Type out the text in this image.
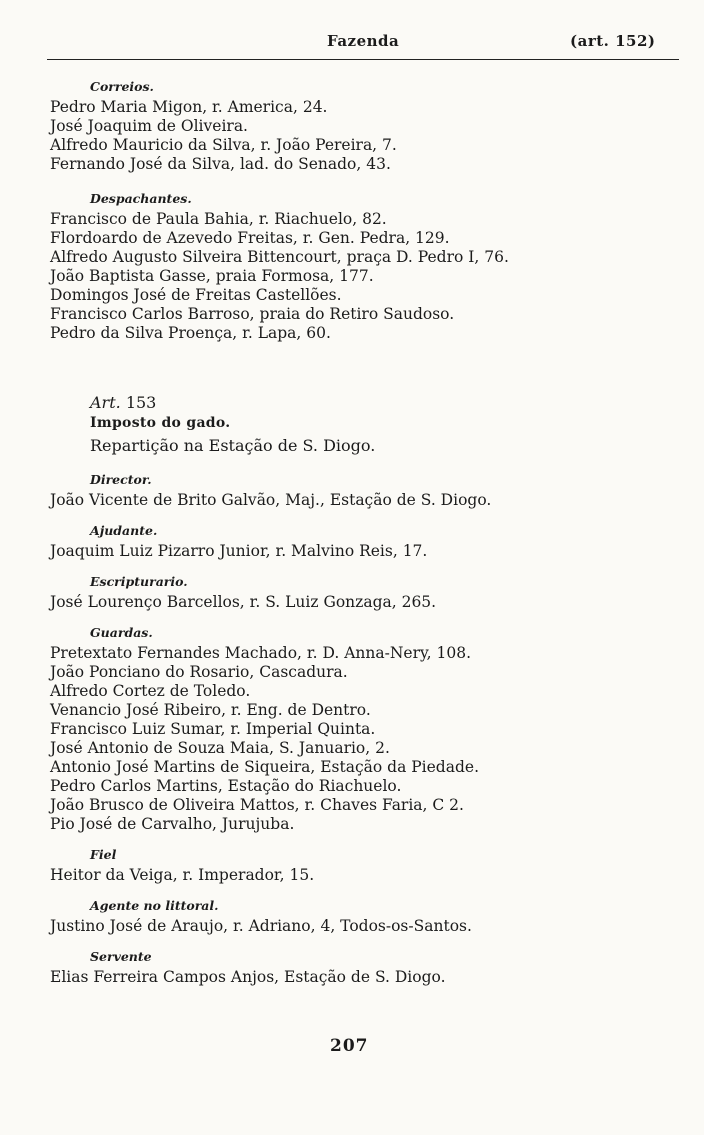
Fazenda	(art. 152)
Correios.
Pedro Maria Migon, r. America, 24.
José Joaquim de Oliveira.
Alfredo Mauricio da Silva, r. João Pereira, 7.
Fernando José da Silva, lad. do Senado, 43.
Despachantes.
Francisco de Paula Bahia, r. Riachuelo, 82.
Flordoardo de Azevedo Freitas, r. Gen. Pedra, 129.
Alfredo Augusto Silveira Bittencourt, praça D. Pedro I, 76.
João Baptista Gasse, praia Formosa, 177.
Domingos José de Freitas Castellões.
Francisco Carlos Barroso, praia do Retiro Saudoso.
Pedro da Silva Proença, r. Lapa, 60.
Art. 153
Imposto do gado.
Repartição na Estação de S. Diogo.
Director.
João Vicente de Brito Galvão, Maj., Estação de S. Diogo.
Ajudante.
Joaquim Luiz Pizarro Junior, r. Malvino Reis, 17.
Escripturario.
José Lourenço Barcellos, r. S. Luiz Gonzaga, 265.
Guardas.
Pretextato Fernandes Machado, r. D. Anna-Nery, 108.
João Ponciano do Rosario, Cascadura.
Alfredo Cortez de Toledo.
Venancio José Ribeiro, r. Eng. de Dentro.
Francisco Luiz Sumar, r. Imperial Quinta.
José Antonio de Souza Maia, S. Januario, 2.
Antonio José Martins de Siqueira, Estação da Piedade.
Pedro Carlos Martins, Estação do Riachuelo.
João Brusco de Oliveira Mattos, r. Chaves Faria, C 2.
Pio José de Carvalho, Jurujuba.
Fiel
Heitor da Veiga, r. Imperador, 15.
Agente no littoral.
Justino José de Araujo, r. Adriano, 4, Todos-os-Santos.
Servente
Elias Ferreira Campos Anjos, Estação de S. Diogo.
207
